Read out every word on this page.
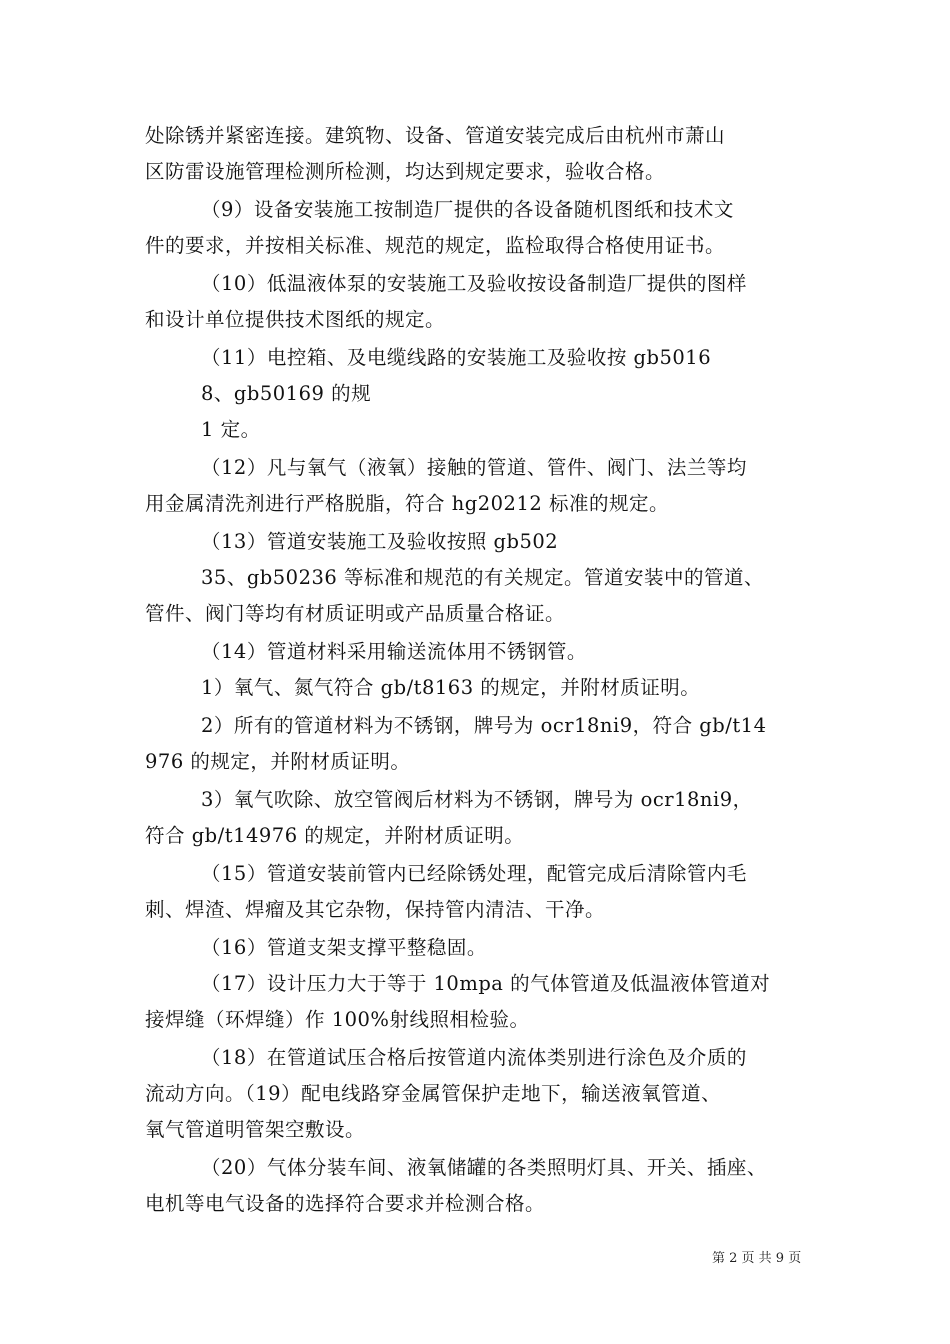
处除锈并紧密连接。建筑物、设备、管道安装完成后由杭州市萧山
区防雷设施管理检测所检测，均达到规定要求，验收合格。
（9）设备安装施工按制造厂提供的各设备随机图纸和技术文
件的要求，并按相关标准、规范的规定，监检取得合格使用证书。
（10）低温液体泵的安装施工及验收按设备制造厂提供的图样
和设计单位提供技术图纸的规定。
（11）电控箱、及电缆线路的安装施工及验收按 gb5016
8、gb50169 的规
1 定。
（12）凡与氧气（液氧）接触的管道、管件、阀门、法兰等均
用金属清洗剂进行严格脱脂，符合 hg20212 标准的规定。
（13）管道安装施工及验收按照 gb502
35、gb50236 等标准和规范的有关规定。管道安装中的管道、
管件、阀门等均有材质证明或产品质量合格证。
（14）管道材料采用输送流体用不锈钢管。
1）氧气、氮气符合 gb/t8163 的规定，并附材质证明。
2）所有的管道材料为不锈钢，牌号为 ocr18ni9，符合 gb/t14
976 的规定，并附材质证明。
3）氧气吹除、放空管阀后材料为不锈钢，牌号为 ocr18ni9，
符合 gb/t14976 的规定，并附材质证明。
（15）管道安装前管内已经除锈处理，配管完成后清除管内毛
刺、焊渣、焊瘤及其它杂物，保持管内清洁、干净。
（16）管道支架支撑平整稳固。
（17）设计压力大于等于 10mpa 的气体管道及低温液体管道对
接焊缝（环焊缝）作 100%射线照相检验。
（18）在管道试压合格后按管道内流体类别进行涂色及介质的
流动方向。（19）配电线路穿金属管保护走地下，输送液氧管道、
氧气管道明管架空敷设。
（20）气体分装车间、液氧储罐的各类照明灯具、开关、插座、
电机等电气设备的选择符合要求并检测合格。
第 2 页 共 9 页
